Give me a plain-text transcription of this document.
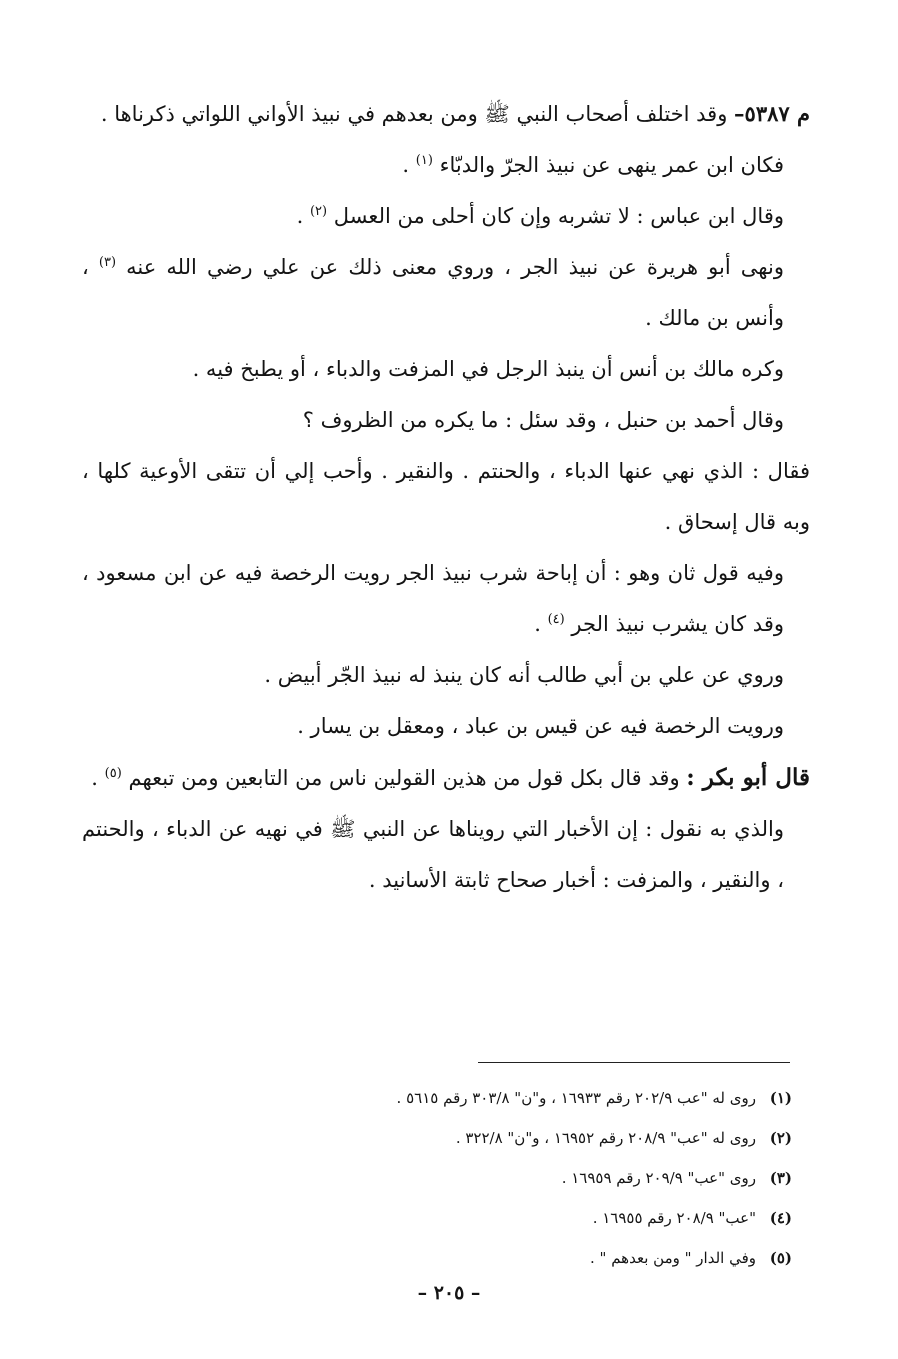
م ٥٣٨٧– وقد اختلف أصحاب النبي ﷺ ومن بعدهم في نبيذ الأواني اللواتي ذكرناها .

فكان ابن عمر ينهى عن نبيذ الجرّ والدبّاء $^{(١)}$ .

وقال ابن عباس : لا تشربه وإن كان أحلى من العسل $^{(٢)}$ .

ونهى أبو هريرة عن نبيذ الجر ، وروي معنى ذلك عن علي رضي الله عنه $^{(٣)}$ ، وأنس بن مالك .

وكره مالك بن أنس أن ينبذ الرجل في المزفت والدباء ، أو يطبخ فيه .

وقال أحمد بن حنبل ، وقد سئل : ما يكره من الظروف ؟

فقال : الذي نهي عنها الدباء ، والحنتم . والنقير . وأحب إلي أن تتقى الأوعية كلها ، وبه قال إسحاق .

وفيه قول ثان وهو : أن إباحة شرب نبيذ الجر رويت الرخصة فيه عن ابن مسعود ، وقد كان يشرب نبيذ الجر $^{(٤)}$ .

وروي عن علي بن أبي طالب أنه كان ينبذ له نبيذ الجّر أبيض .

ورويت الرخصة فيه عن قيس بن عباد ، ومعقل بن يسار .

قال أبو بكر : وقد قال بكل قول من هذين القولين ناس من التابعين ومن تبعهم $^{(٥)}$ .

والذي به نقول : إن الأخبار التي رويناها عن النبي ﷺ في نهيه عن الدباء ، والحنتم ، والنقير ، والمزفت : أخبار صحاح ثابتة الأسانيد .

(١)
روى له "عب ٢٠٢/٩ رقم ١٦٩٣٣ ، و"ن" ٣٠٣/٨ رقم ٥٦١٥ .
(٢)
روى له "عب" ٢٠٨/٩ رقم ١٦٩٥٢ ، و"ن" ٣٢٢/٨ .
(٣)
روى "عب" ٢٠٩/٩ رقم ١٦٩٥٩ .
(٤)
"عب" ٢٠٨/٩ رقم ١٦٩٥٥ .
(٥)
وفي الدار " ومن بعدهم " .
– ٢٠٥ –
